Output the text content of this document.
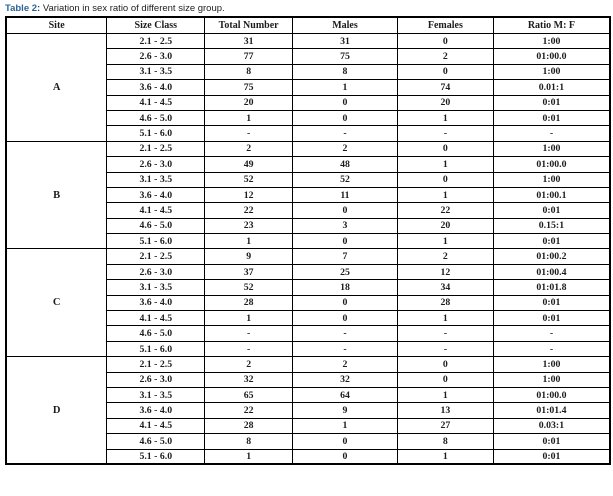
Table 2: Variation in sex ratio of different size group.
Site	Size Class	Total Number	Males	Females	Ratio M: F
A	2.1 - 2.5	31	31	0	1:00
	2.6 - 3.0	77	75	2	01:00.0
	3.1 - 3.5	8	8	0	1:00
	3.6 - 4.0	75	1	74	0.01:1
	4.1 - 4.5	20	0	20	0:01
	4.6 - 5.0	1	0	1	0:01
	5.1 - 6.0	-	-	-	-
B	2.1 - 2.5	2	2	0	1:00
	2.6 - 3.0	49	48	1	01:00.0
	3.1 - 3.5	52	52	0	1:00
	3.6 - 4.0	12	11	1	01:00.1
	4.1 - 4.5	22	0	22	0:01
	4.6 - 5.0	23	3	20	0.15:1
	5.1 - 6.0	1	0	1	0:01
C	2.1 - 2.5	9	7	2	01:00.2
	2.6 - 3.0	37	25	12	01:00.4
	3.1 - 3.5	52	18	34	01:01.8
	3.6 - 4.0	28	0	28	0:01
	4.1 - 4.5	1	0	1	0:01
	4.6 - 5.0	-	-	-	-
	5.1 - 6.0	-	-	-	-
D	2.1 - 2.5	2	2	0	1:00
	2.6 - 3.0	32	32	0	1:00
	3.1 - 3.5	65	64	1	01:00.0
	3.6 - 4.0	22	9	13	01:01.4
	4.1 - 4.5	28	1	27	0.03:1
	4.6 - 5.0	8	0	8	0:01
	5.1 - 6.0	1	0	1	0:01
